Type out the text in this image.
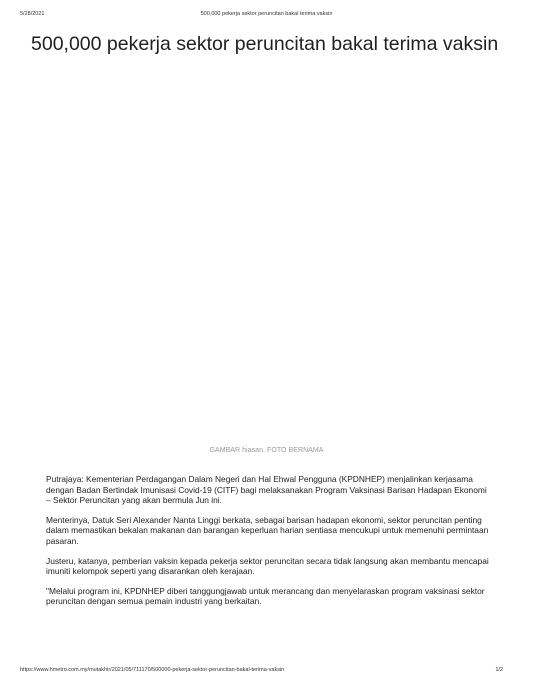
5/28/2021	500,000 pekerja sektor peruncitan bakal terima vaksin
500,000 pekerja sektor peruncitan bakal terima vaksin
GAMBAR hiasan. FOTO BERNAMA

Putrajaya: Kementerian Perdagangan Dalam Negeri dan Hal Ehwal Pengguna (KPDNHEP) menjalinkan kerjasama dengan Badan Bertindak Imunisasi Covid-19 (CITF) bagi melaksanakan Program Vaksinasi Barisan Hadapan Ekonomi – Sektor Peruncitan yang akan bermula Jun ini.

Menterinya, Datuk Seri Alexander Nanta Linggi berkata, sebagai barisan hadapan ekonomi, sektor peruncitan penting dalam memastikan bekalan makanan dan barangan keperluan harian sentiasa mencukupi untuk memenuhi permintaan pasaran.

Justeru, katanya, pemberian vaksin kepada pekerja sektor peruncitan secara tidak langsung akan membantu mencapai imuniti kelompok seperti yang disarankan oleh kerajaan.

"Melalui program ini, KPDNHEP diberi tanggungjawab untuk merancang dan menyelaraskan program vaksinasi sektor peruncitan dengan semua pemain industri yang berkaitan.

https://www.hmetro.com.my/mutakhir/2021/05/711170/500000-pekerja-sektor-peruncitan-bakal-terima-vaksin	1/2
